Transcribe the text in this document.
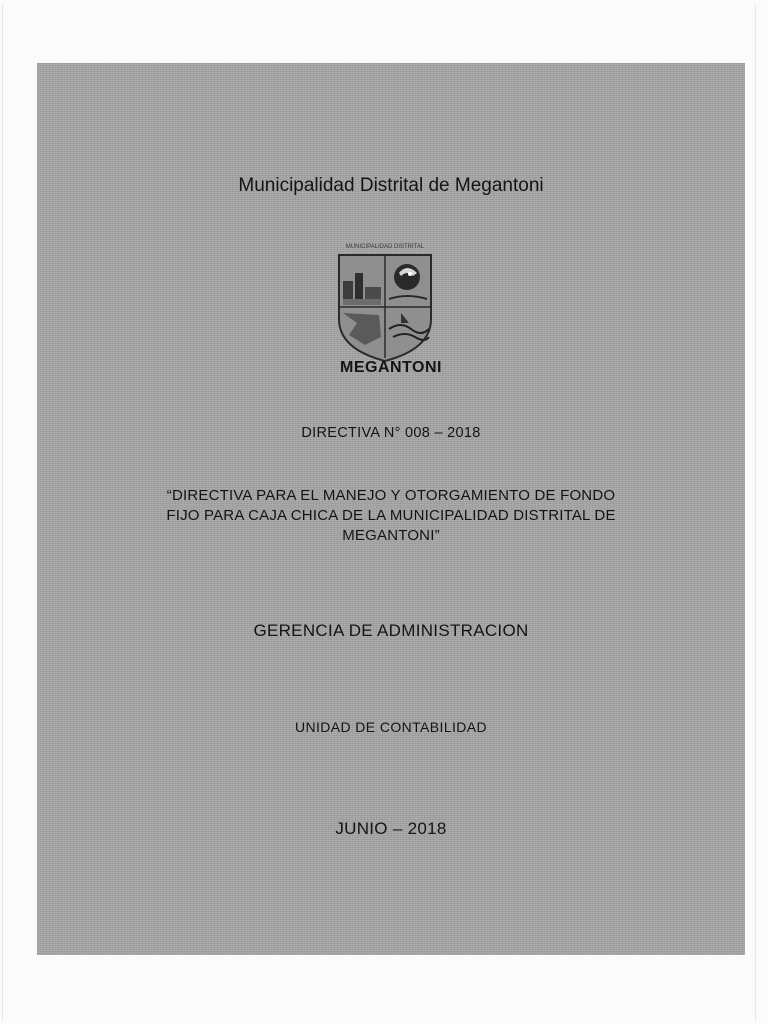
Municipalidad Distrital de Megantoni
MUNICIPALIDAD DISTRITAL
MEGANTONI
DIRECTIVA N° 008 – 2018
“DIRECTIVA PARA EL MANEJO Y OTORGAMIENTO DE FONDO
FIJO PARA CAJA CHICA DE LA MUNICIPALIDAD DISTRITAL DE
MEGANTONI”
GERENCIA DE ADMINISTRACION
UNIDAD DE CONTABILIDAD
JUNIO – 2018
